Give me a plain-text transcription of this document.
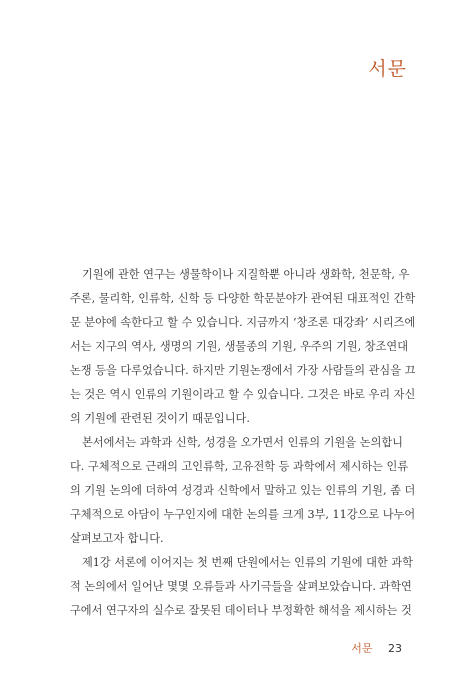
서문
기원에 관한 연구는 생물학이나 지질학뿐 아니라 생화학, 천문학, 우
주론, 물리학, 인류학, 신학 등 다양한 학문분야가 관여된 대표적인 간학
문 분야에 속한다고 할 수 있습니다. 지금까지 ‘창조론 대강좌’ 시리즈에
서는 지구의 역사, 생명의 기원, 생물종의 기원, 우주의 기원, 창조연대
논쟁 등을 다루었습니다. 하지만 기원논쟁에서 가장 사람들의 관심을 끄
는 것은 역시 인류의 기원이라고 할 수 있습니다. 그것은 바로 우리 자신
의 기원에 관련된 것이기 때문입니다.
본서에서는 과학과 신학, 성경을 오가면서 인류의 기원을 논의합니
다. 구체적으로 근래의 고인류학, 고유전학 등 과학에서 제시하는 인류
의 기원 논의에 더하여 성경과 신학에서 말하고 있는 인류의 기원, 좀 더
구체적으로 아담이 누구인지에 대한 논의를 크게 3부, 11강으로 나누어
살펴보고자 합니다.
제1강 서론에 이어지는 첫 번째 단원에서는 인류의 기원에 대한 과학
적 논의에서 일어난 몇몇 오류들과 사기극들을 살펴보았습니다. 과학연
구에서 연구자의 실수로 잘못된 데이터나 부정확한 해석을 제시하는 것
서문 23
